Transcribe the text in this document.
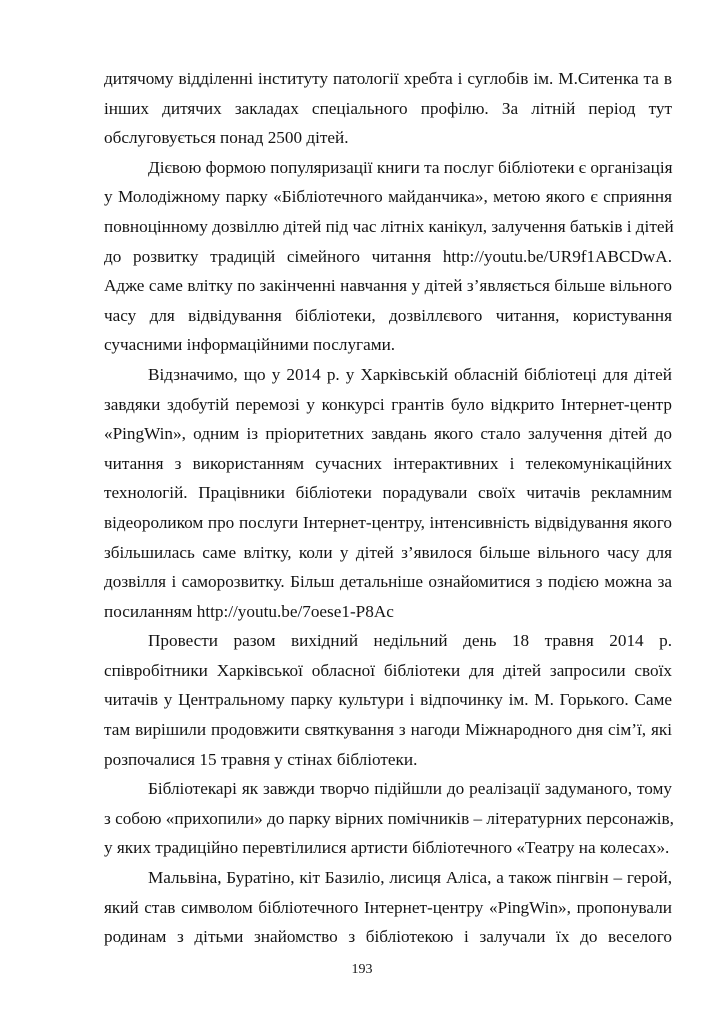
дитячому відділенні інституту патології хребта і суглобів ім. М.Ситенка та в
інших дитячих закладах спеціального профілю. За літній період тут
обслуговується понад 2500 дітей.
Дієвою формою популяризації книги та послуг бібліотеки є організація
у Молодіжному парку «Бібліотечного майданчика», метою якого є сприяння
повноцінному дозвіллю дітей під час літніх канікул, залучення батьків і дітей
до розвитку традицій сімейного читання http://youtu.be/UR9f1ABCDwA.
Адже саме влітку по закінченні навчання у дітей з’являється більше вільного
часу для відвідування бібліотеки, дозвіллєвого читання, користування
сучасними інформаційними послугами.
Відзначимо, що у 2014 р. у Харківській обласній бібліотеці для дітей
завдяки здобутій перемозі у конкурсі грантів було відкрито Інтернет-центр
«PingWin», одним із пріоритетних завдань якого стало залучення дітей до
читання з використанням сучасних інтерактивних і телекомунікаційних
технологій. Працівники бібліотеки порадували своїх читачів рекламним
відеороликом про послуги Інтернет-центру, інтенсивність відвідування якого
збільшилась саме влітку, коли у дітей з’явилося більше вільного часу для
дозвілля і саморозвитку. Більш детальніше ознайомитися з подією можна за
посиланням http://youtu.be/7oese1-P8Ac
Провести разом вихідний недільний день 18 травня 2014 р.
співробітники Харківської обласної бібліотеки для дітей запросили своїх
читачів у Центральному парку культури і відпочинку ім. М. Горького. Саме
там вирішили продовжити святкування з нагоди Міжнародного дня сім’ї, які
розпочалися 15 травня у стінах бібліотеки.
Бібліотекарі як завжди творчо підійшли до реалізації задуманого, тому
з собою «прихопили» до парку вірних помічників – літературних персонажів,
у яких традиційно перевтілилися артисти бібліотечного «Театру на колесах».
Мальвіна, Буратіно, кіт Базиліо, лисиця Аліса, а також пінгвін – герой,
який став символом бібліотечного Інтернет-центру «PingWin», пропонували
родинам з дітьми знайомство з бібліотекою і залучали їх до веселого
193
